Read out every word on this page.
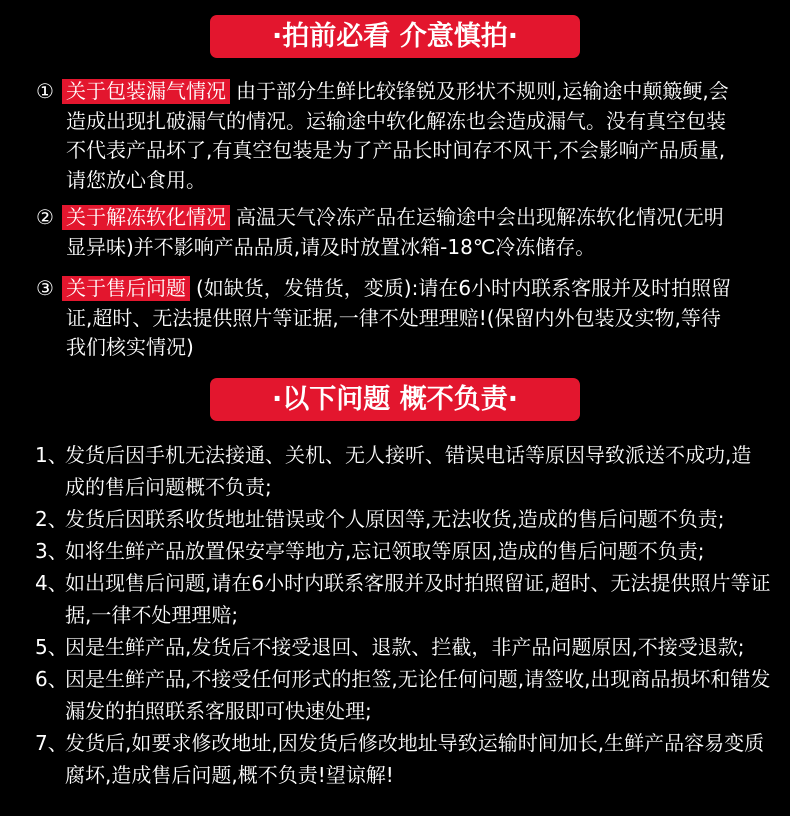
·拍前必看 介意慎拍·
① 关于包装漏气情况 由于部分生鲜比较锋锐及形状不规则,运输途中颠簸鲠,会
造成出现扎破漏气的情况。运输途中软化解冻也会造成漏气。没有真空包装
不代表产品坏了,有真空包装是为了产品长时间存不风干,不会影响产品质量,
请您放心食用。
② 关于解冻软化情况 高温天气冷冻产品在运输途中会出现解冻软化情况(无明
显异味)并不影响产品品质,请及时放置冰箱-18℃冷冻储存。
③ 关于售后问题 (如缺货，发错货，变质):请在6小时内联系客服并及时拍照留
证,超时、无法提供照片等证据,一律不处理理赔!(保留内外包装及实物,等待
我们核实情况)
·以下问题 概不负责·
1、
发货后因手机无法接通、关机、无人接听、错误电话等原因导致派送不成功,造
成的售后问题概不负责;
2、
发货后因联系收货地址错误或个人原因等,无法收货,造成的售后问题不负责;
3、
如将生鲜产品放置保安亭等地方,忘记领取等原因,造成的售后问题不负责;
4、
如出现售后问题,请在6小时内联系客服并及时拍照留证,超时、无法提供照片等证
据,一律不处理理赔;
5、
因是生鲜产品,发货后不接受退回、退款、拦截，非产品问题原因,不接受退款;
6、
因是生鲜产品,不接受任何形式的拒签,无论任何问题,请签收,出现商品损坏和错发
漏发的拍照联系客服即可快速处理;
7、
发货后,如要求修改地址,因发货后修改地址导致运输时间加长,生鲜产品容易变质
腐坏,造成售后问题,概不负责!望谅解!
